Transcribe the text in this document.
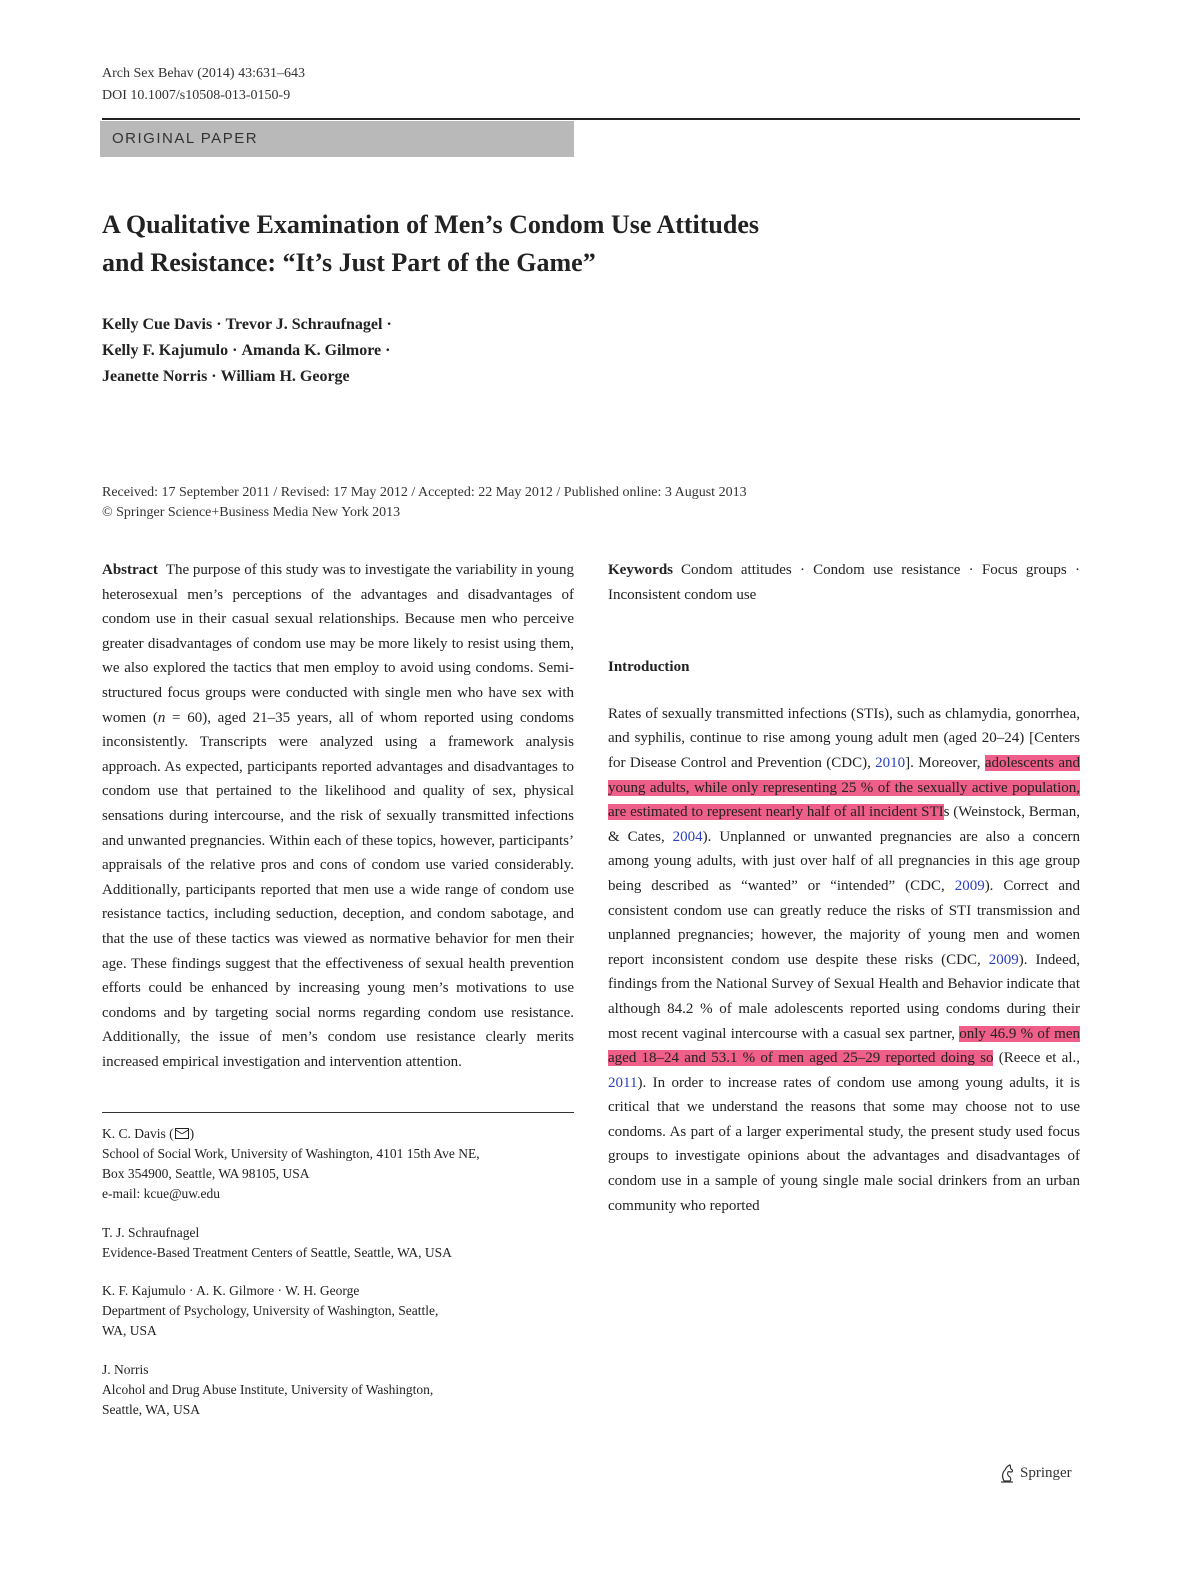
Arch Sex Behav (2014) 43:631–643
DOI 10.1007/s10508-013-0150-9
ORIGINAL PAPER
A Qualitative Examination of Men’s Condom Use Attitudes
and Resistance: “It’s Just Part of the Game”
Kelly Cue Davis · Trevor J. Schraufnagel ·
Kelly F. Kajumulo · Amanda K. Gilmore ·
Jeanette Norris · William H. George
Received: 17 September 2011 / Revised: 17 May 2012 / Accepted: 22 May 2012 / Published online: 3 August 2013
© Springer Science+Business Media New York 2013

Abstract The purpose of this study was to investigate the variability in young heterosexual men’s perceptions of the advantages and disadvantages of condom use in their casual sexual relationships. Because men who perceive greater disadvantages of condom use may be more likely to resist using them, we also explored the tactics that men employ to avoid using condoms. Semi-structured focus groups were conducted with single men who have sex with women (n = 60), aged 21–35 years, all of whom reported using condoms inconsistently. Transcripts were analyzed using a framework analysis approach. As expected, participants reported advantages and disadvantages to condom use that pertained to the likelihood and quality of sex, physical sensations during intercourse, and the risk of sexually transmitted infections and unwanted pregnancies. Within each of these topics, however, participants’ appraisals of the relative pros and cons of condom use varied considerably. Additionally, participants reported that men use a wide range of condom use resistance tactics, including seduction, deception, and condom sabotage, and that the use of these tactics was viewed as normative behavior for men their age. These findings suggest that the effectiveness of sexual health prevention efforts could be enhanced by increasing young men’s motivations to use condoms and by targeting social norms regarding condom use resistance. Additionally, the issue of men’s condom use resistance clearly merits increased empirical investigation and intervention attention.

Keywords Condom attitudes · Condom use resistance · Focus groups · Inconsistent condom use

Introduction

Rates of sexually transmitted infections (STIs), such as chlamydia, gonorrhea, and syphilis, continue to rise among young adult men (aged 20–24) [Centers for Disease Control and Prevention (CDC), 2010]. Moreover, adolescents and young adults, while only representing 25 % of the sexually active population, are estimated to represent nearly half of all incident STIs (Weinstock, Berman, & Cates, 2004). Unplanned or unwanted pregnancies are also a concern among young adults, with just over half of all pregnancies in this age group being described as “wanted” or “intended” (CDC, 2009). Correct and consistent condom use can greatly reduce the risks of STI transmission and unplanned pregnancies; however, the majority of young men and women report inconsistent condom use despite these risks (CDC, 2009). Indeed, findings from the National Survey of Sexual Health and Behavior indicate that although 84.2 % of male adolescents reported using condoms during their most recent vaginal intercourse with a casual sex partner, only 46.9 % of men aged 18–24 and 53.1 % of men aged 25–29 reported doing so (Reece et al., 2011). In order to increase rates of condom use among young adults, it is critical that we understand the reasons that some may choose not to use condoms. As part of a larger experimental study, the present study used focus groups to investigate opinions about the advantages and disadvantages of condom use in a sample of young single male social drinkers from an urban community who reported

K. C. Davis ( )

School of Social Work, University of Washington, 4101 15th Ave NE,

Box 354900, Seattle, WA 98105, USA

e-mail: kcue@uw.edu

T. J. Schraufnagel

Evidence-Based Treatment Centers of Seattle, Seattle, WA, USA

K. F. Kajumulo · A. K. Gilmore · W. H. George

Department of Psychology, University of Washington, Seattle,

WA, USA

J. Norris

Alcohol and Drug Abuse Institute, University of Washington,

Seattle, WA, USA

Springer
